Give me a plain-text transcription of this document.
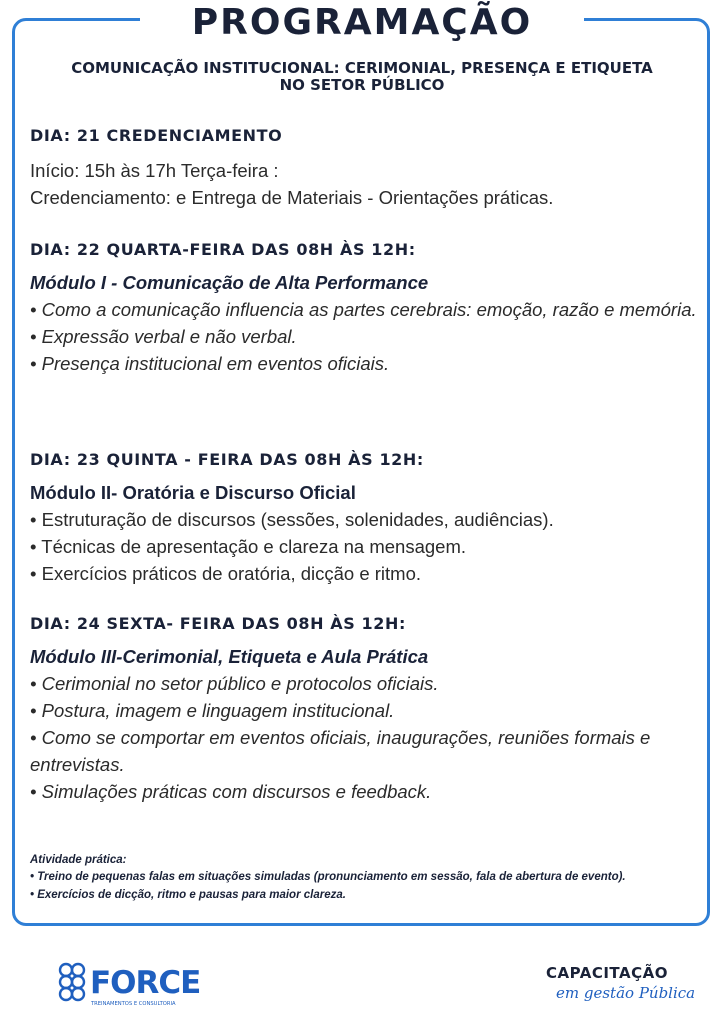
PROGRAMAÇÃO
COMUNICAÇÃO INSTITUCIONAL: CERIMONIAL, PRESENÇA E ETIQUETA NO SETOR PÚBLICO
DIA: 21 CREDENCIAMENTO
Início: 15h às 17h Terça-feira :
Credenciamento: e Entrega de Materiais - Orientações práticas.
DIA: 22 QUARTA-FEIRA DAS 08H ÀS 12H:
Módulo I - Comunicação de Alta Performance
• Como a comunicação influencia as partes cerebrais: emoção, razão e memória.
• Expressão verbal e não verbal.
• Presença institucional em eventos oficiais.
DIA: 23 QUINTA - FEIRA DAS 08H ÀS 12H:
Módulo II- Oratória e Discurso Oficial
• Estruturação de discursos (sessões, solenidades, audiências).
• Técnicas de apresentação e clareza na mensagem.
• Exercícios práticos de oratória, dicção e ritmo.
DIA: 24 SEXTA- FEIRA DAS 08H ÀS 12H:
Módulo III-Cerimonial, Etiqueta e Aula Prática
• Cerimonial no setor público e protocolos oficiais.
• Postura, imagem e linguagem institucional.
• Como se comportar em eventos oficiais, inaugurações, reuniões formais e entrevistas.
• Simulações práticas com discursos e feedback.
Atividade prática:
• Treino de pequenas falas em situações simuladas (pronunciamento em sessão, fala de abertura de evento).
• Exercícios de dicção, ritmo e pausas para maior clareza.
FORCE
TREINAMENTOS E CONSULTORIA
CAPACITAÇÃO
em gestão Pública
